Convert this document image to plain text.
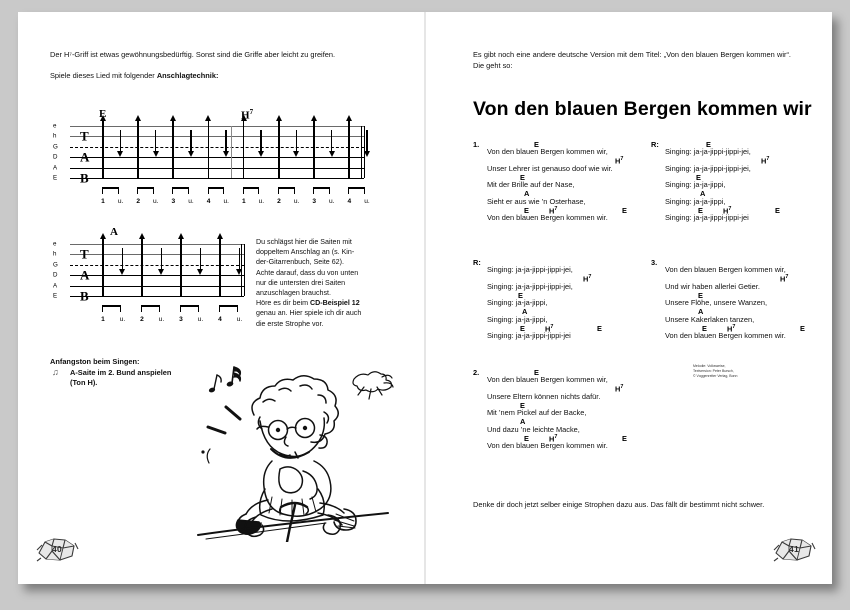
Der H⁷-Griff ist etwas gewöhnungsbedürftig. Sonst sind die Griffe aber leicht zu greifen.
Spiele dieses Lied mit folgender Anschlagtechnik:
e
h
G
D
A
E
T
A
B
1 u. 2 u. 3 u. 4 u. 1 u. 2 u. 3 u. 4 u.
E	$H^7$
e
h
G
D
A
E
T
A
B
1 u. 2 u. 3 u. 4 u.
A
Du schlägst hier die Saiten mit
doppeltem Anschlag an (s. Kin-
der-Gitarrenbuch, Seite 62).
Achte darauf, dass du von unten
nur die untersten drei Saiten
anzuschlagen brauchst.
Höre es dir beim CD-Beispiel 12
genau an. Hier spiele ich dir auch
die erste Strophe vor.
Anfangston beim Singen:
♫ A-Saite im 2. Bund anspielen
(Ton H).
40
Es gibt noch eine andere deutsche Version mit dem Titel: „Von den blauen Bergen kommen wir“. Die geht so:
Von den blauen Bergen kommen wir
1.	E
Von den blauen Bergen kommen wir,
$H^7$
Unser Lehrer ist genauso doof wie wir.
E
Mit der Brille auf der Nase,
A
Sieht er aus wie ’n Osterhase,
E	$H^7$	E
Von den blauen Bergen kommen wir.
R:	E
Singing: ja-ja-jippi-jippi-jei,
$H^7$
Singing: ja-ja-jippi-jippi-jei,
E
Singing: ja-ja-jippi,
A
Singing: ja-ja-jippi,
E	$H^7$	E
Singing: ja-ja-jippi-jippi-jei
R:
Singing: ja-ja-jippi-jippi-jei,
$H^7$
Singing: ja-ja-jippi-jippi-jei,
E
Singing: ja-ja-jippi,
A
Singing: ja-ja-jippi,
E	$H^7$	E
Singing: ja-ja-jippi-jippi-jei
3.
Von den blauen Bergen kommen wir,
$H^7$
Und wir haben allerlei Getier.
E
Unsere Flöhe, unsere Wanzen,
A
Unsere Kakerlaken tanzen,
E	$H^7$	E
Von den blauen Bergen kommen wir.
2.	E
Von den blauen Bergen kommen wir,
$H^7$
Unsere Eltern können nichts dafür.
E
Mit ’nem Pickel auf der Backe,
A
Und dazu ’ne leichte Macke,
E	$H^7$	E
Von den blauen Bergen kommen wir.
Melodie: Volksweise,
Textversion: Peter Bursch,
© Voggenreiter Verlag, Bonn
Denke dir doch jetzt selber einige Strophen dazu aus. Das fällt dir bestimmt nicht schwer.
41
